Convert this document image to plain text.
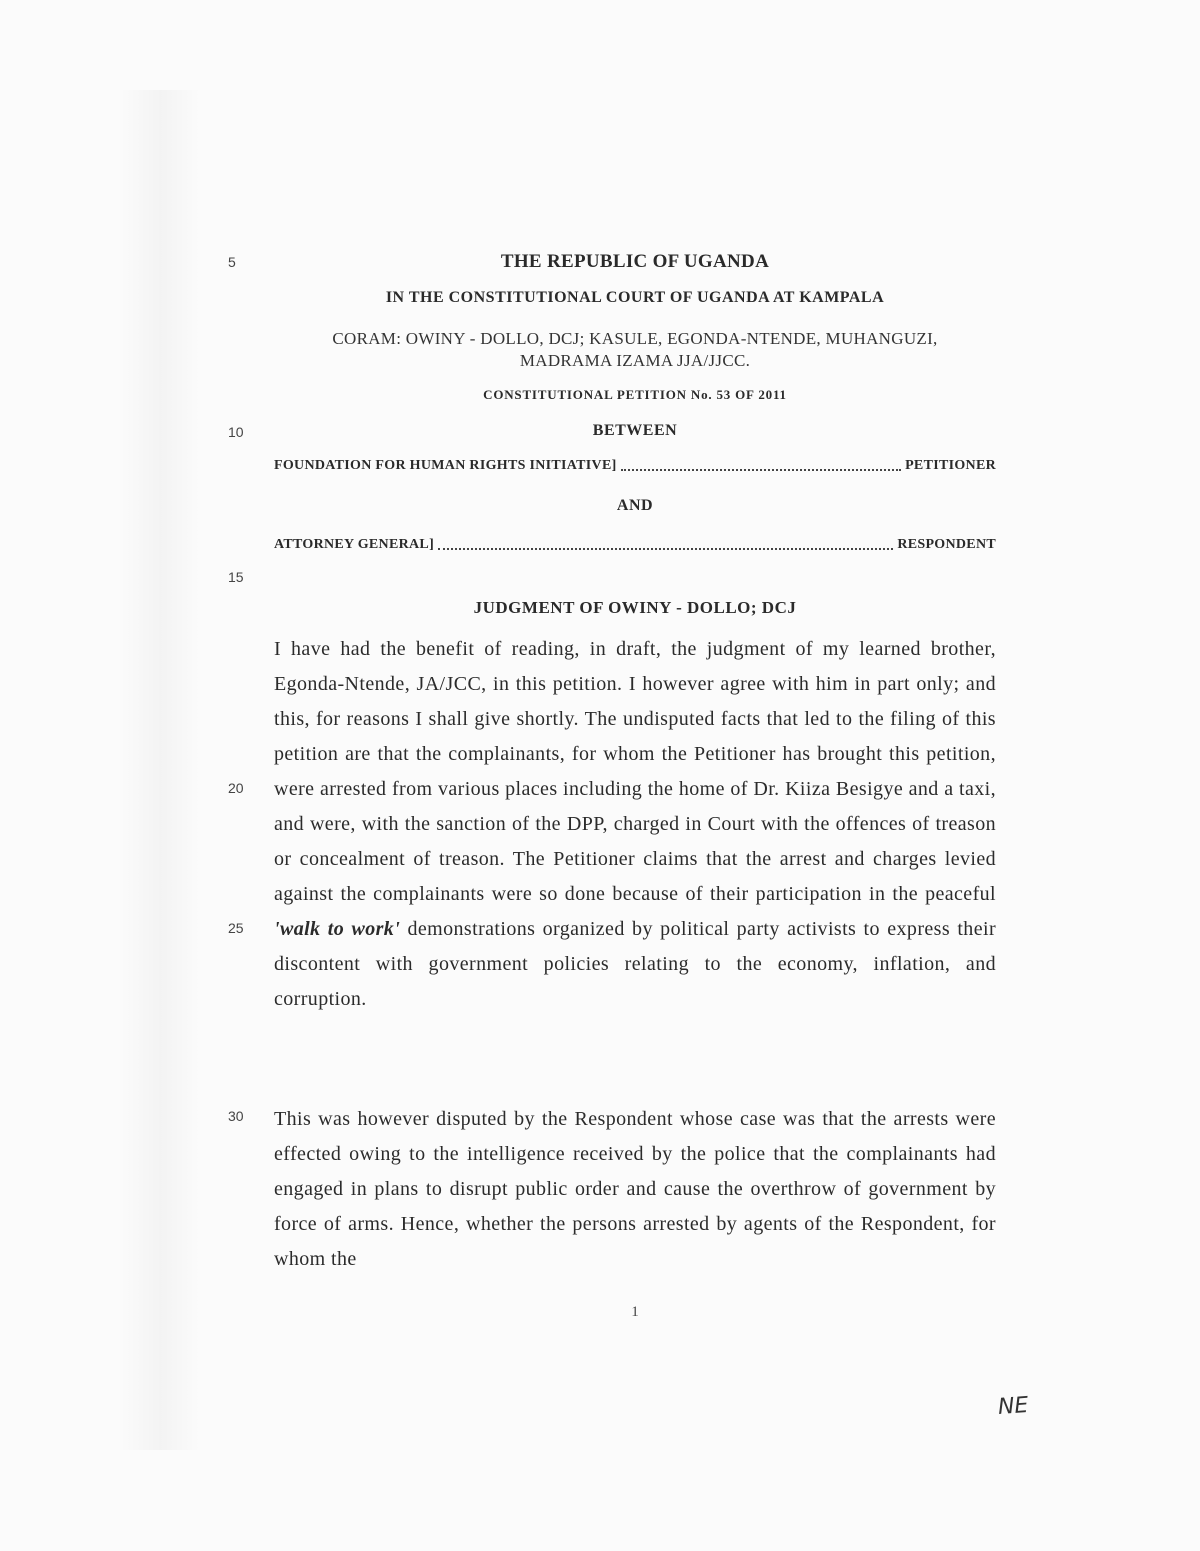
5
10
15
20
25
30
THE REPUBLIC OF UGANDA
IN THE CONSTITUTIONAL COURT OF UGANDA AT KAMPALA
CORAM: OWINY - DOLLO, DCJ; KASULE, EGONDA-NTENDE, MUHANGUZI,
MADRAMA IZAMA JJA/JJCC.
CONSTITUTIONAL PETITION No. 53 OF 2011
BETWEEN
FOUNDATION FOR HUMAN RIGHTS INITIATIVE]	PETITIONER
AND
ATTORNEY GENERAL]	RESPONDENT
JUDGMENT OF OWINY - DOLLO; DCJ
I have had the benefit of reading, in draft, the judgment of my learned brother, Egonda-Ntende, JA/JCC, in this petition. I however agree with him in part only; and this, for reasons I shall give shortly. The undisputed facts that led to the filing of this petition are that the complainants, for whom the Petitioner has brought this petition, were arrested from various places including the home of Dr. Kiiza Besigye and a taxi, and were, with the sanction of the DPP, charged in Court with the offences of treason or concealment of treason. The Petitioner claims that the arrest and charges levied against the complainants were so done because of their participation in the peaceful 'walk to work' demonstrations organized by political party activists to express their discontent with government policies relating to the economy, inflation, and corruption.
This was however disputed by the Respondent whose case was that the arrests were effected owing to the intelligence received by the police that the complainants had engaged in plans to disrupt public order and cause the overthrow of government by force of arms. Hence, whether the persons arrested by agents of the Respondent, for whom the
1
NE
